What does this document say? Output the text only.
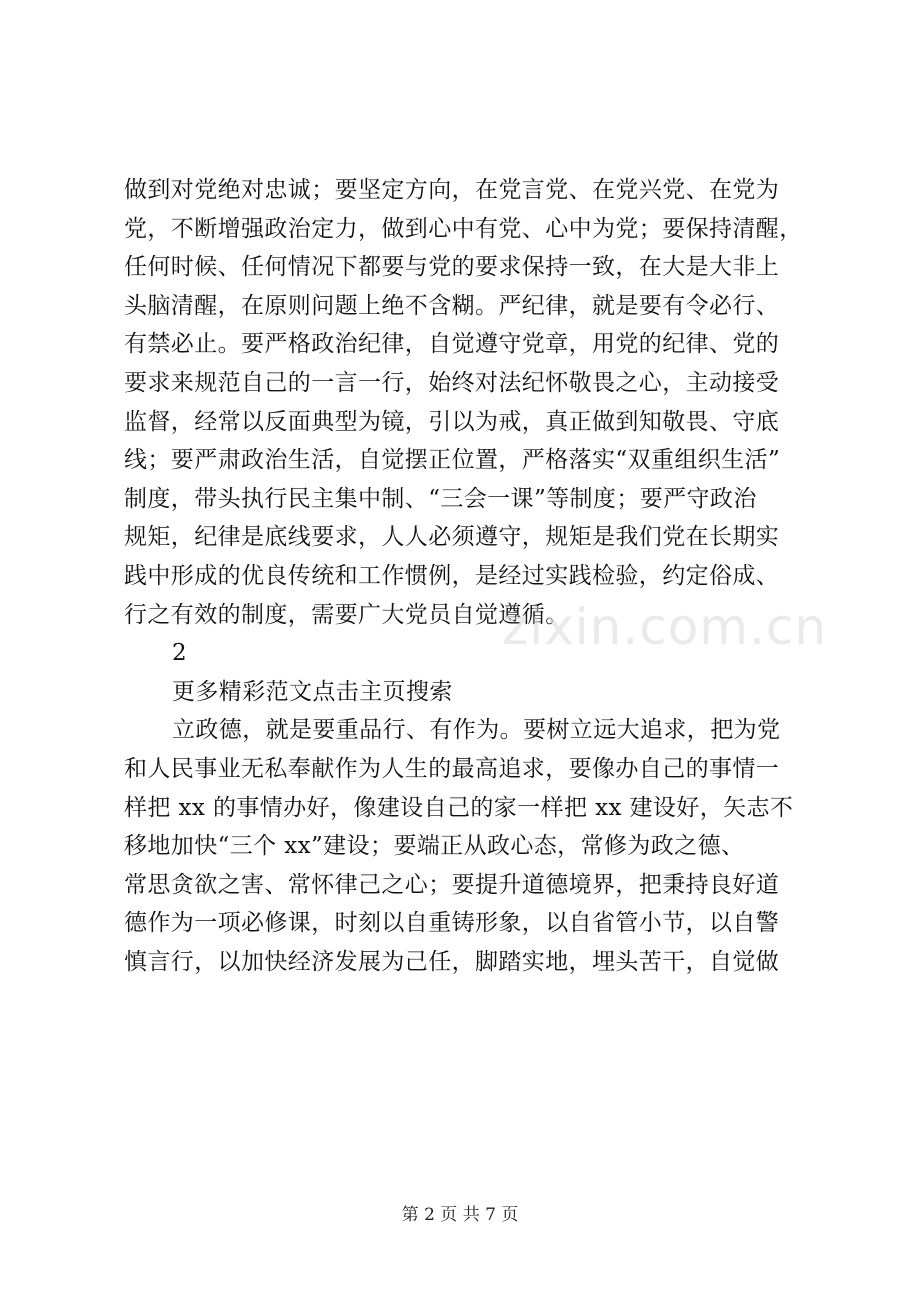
做到对党绝对忠诚；要坚定方向，在党言党、在党兴党、在党为
党，不断增强政治定力，做到心中有党、心中为党；要保持清醒，
任何时候、任何情况下都要与党的要求保持一致，在大是大非上
头脑清醒，在原则问题上绝不含糊。严纪律，就是要有令必行、
有禁必止。要严格政治纪律，自觉遵守党章，用党的纪律、党的
要求来规范自己的一言一行，始终对法纪怀敬畏之心，主动接受
监督，经常以反面典型为镜，引以为戒，真正做到知敬畏、守底
线；要严肃政治生活，自觉摆正位置，严格落实“双重组织生活”
制度，带头执行民主集中制、“三会一课”等制度；要严守政治
规矩，纪律是底线要求，人人必须遵守，规矩是我们党在长期实
践中形成的优良传统和工作惯例，是经过实践检验，约定俗成、
行之有效的制度，需要广大党员自觉遵循。
2
更多精彩范文点击主页搜索
立政德，就是要重品行、有作为。要树立远大追求，把为党
和人民事业无私奉献作为人生的最高追求，要像办自己的事情一
样把 xx 的事情办好，像建设自己的家一样把 xx 建设好，矢志不
移地加快“三个 xx”建设；要端正从政心态，常修为政之德、
常思贪欲之害、常怀律己之心；要提升道德境界，把秉持良好道
德作为一项必修课，时刻以自重铸形象，以自省管小节，以自警
慎言行，以加快经济发展为己任，脚踏实地，埋头苦干，自觉做
zixin.com.cn
第 2 页 共 7 页
